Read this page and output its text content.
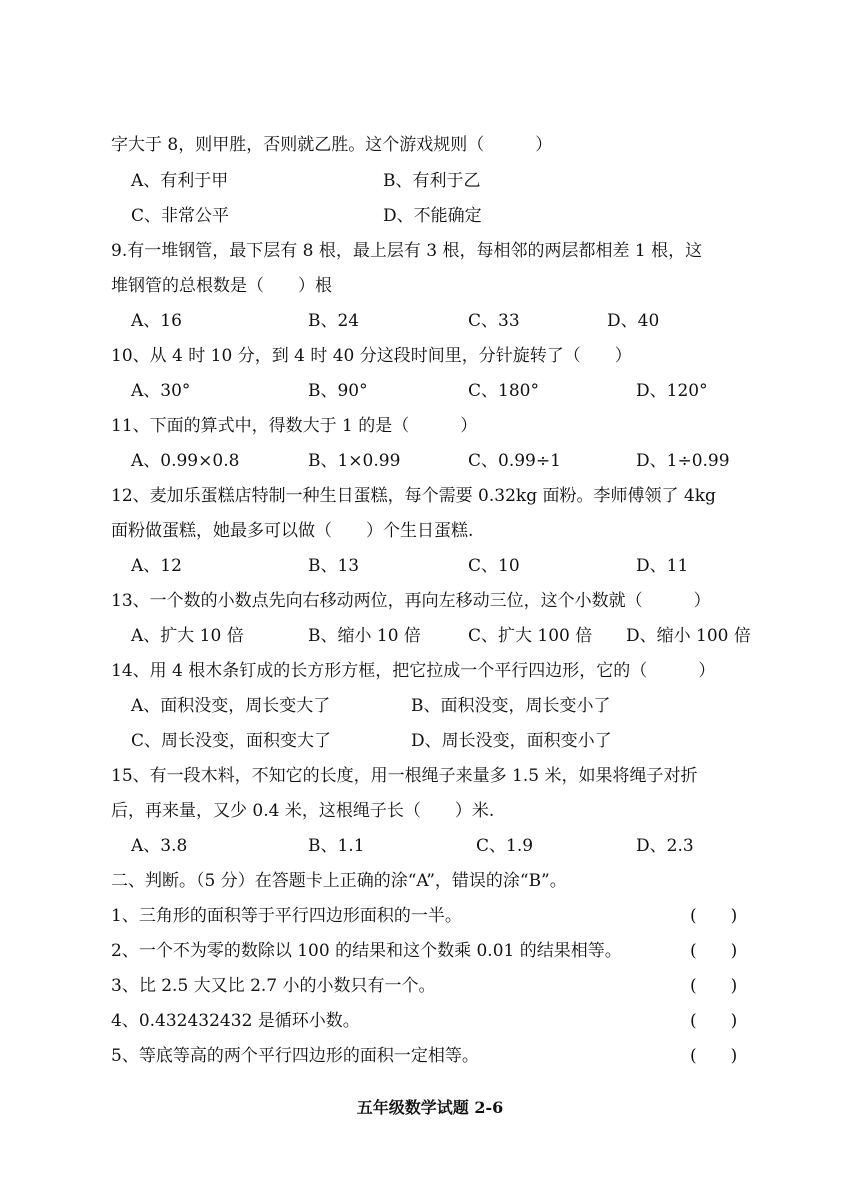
字大于 8，则甲胜，否则就乙胜。这个游戏规则（　　　）
A、有利于甲	B、有利于乙
C、非常公平	D、不能确定
9.有一堆钢管，最下层有 8 根，最上层有 3 根，每相邻的两层都相差 1 根，这
堆钢管的总根数是（　　）根
A、16	B、24	C、33	D、40
10、从 4 时 10 分，到 4 时 40 分这段时间里，分针旋转了（　　）
A、30°	B、90°	C、180°	D、120°
11、下面的算式中，得数大于 1 的是（　　　）
A、0.99×0.8	B、1×0.99	C、0.99÷1	D、1÷0.99
12、麦加乐蛋糕店特制一种生日蛋糕，每个需要 0.32kg 面粉。李师傅领了 4kg
面粉做蛋糕，她最多可以做（　　）个生日蛋糕.
A、12	B、13	C、10	D、11
13、一个数的小数点先向右移动两位，再向左移动三位，这个小数就（　　　）
A、扩大 10 倍	B、缩小 10 倍	C、扩大 100 倍 D、缩小 100 倍
14、用 4 根木条钉成的长方形方框，把它拉成一个平行四边形，它的（　　　）
A、面积没变，周长变大了	B、面积没变，周长变小了
C、周长没变，面积变大了	D、周长没变，面积变小了
15、有一段木料，不知它的长度，用一根绳子来量多 1.5 米，如果将绳子对折
后，再来量，又少 0.4 米，这根绳子长（　　）米.
A、3.8	B、1.1	C、1.9	D、2.3
二、判断。（5 分）在答题卡上正确的涂“A”，错误的涂“B”。
1、三角形的面积等于平行四边形面积的一半。	(　　)
2、一个不为零的数除以 100 的结果和这个数乘 0.01 的结果相等。	(　　)
3、比 2.5 大又比 2.7 小的小数只有一个。	(　　)
4、0.432432432 是循环小数。	(　　)
5、等底等高的两个平行四边形的面积一定相等。	(　　)
五年级数学试题 2-6
